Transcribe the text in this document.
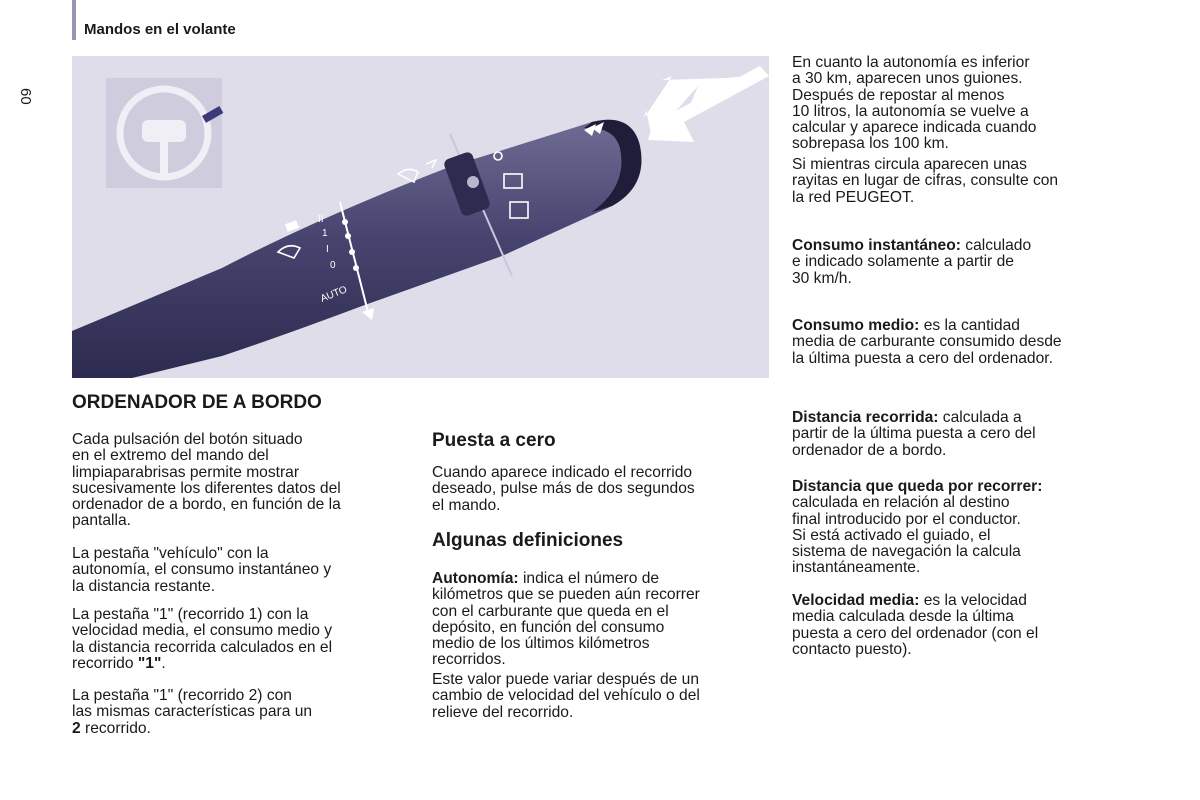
Mandos en el volante
60
AUTO
0
I
1
II
ORDENADOR DE A BORDO

Cada pulsación del botón situado

en el extremo del mando del

limpiaparabrisas permite mostrar

sucesivamente los diferentes datos del

ordenador de a bordo, en función de la

pantalla.

La pestaña "vehículo" con la

autonomía, el consumo instantáneo y

la distancia restante.

La pestaña "1" (recorrido 1) con la

velocidad media, el consumo medio y

la distancia recorrida calculados en el

recorrido "1".

La pestaña "1" (recorrido 2) con

las mismas características para un

2 recorrido.

Puesta a cero

Cuando aparece indicado el recorrido

deseado, pulse más de dos segundos

el mando.

Algunas definiciones

Autonomía: indica el número de

kilómetros que se pueden aún recorrer

con el carburante que queda en el

depósito, en función del consumo

medio de los últimos kilómetros

recorridos.

Este valor puede variar después de un

cambio de velocidad del vehículo o del

relieve del recorrido.

En cuanto la autonomía es inferior

a 30 km, aparecen unos guiones.

Después de repostar al menos

10 litros, la autonomía se vuelve a

calcular y aparece indicada cuando

sobrepasa los 100 km.

Si mientras circula aparecen unas

rayitas en lugar de cifras, consulte con

la red PEUGEOT.

Consumo instantáneo: calculado

e indicado solamente a partir de

30 km/h.

Consumo medio: es la cantidad

media de carburante consumido desde

la última puesta a cero del ordenador.

Distancia recorrida: calculada a

partir de la última puesta a cero del

ordenador de a bordo.

Distancia que queda por recorrer:

calculada en relación al destino

final introducido por el conductor.

Si está activado el guiado, el

sistema de navegación la calcula

instantáneamente.

Velocidad media: es la velocidad

media calculada desde la última

puesta a cero del ordenador (con el

contacto puesto).
